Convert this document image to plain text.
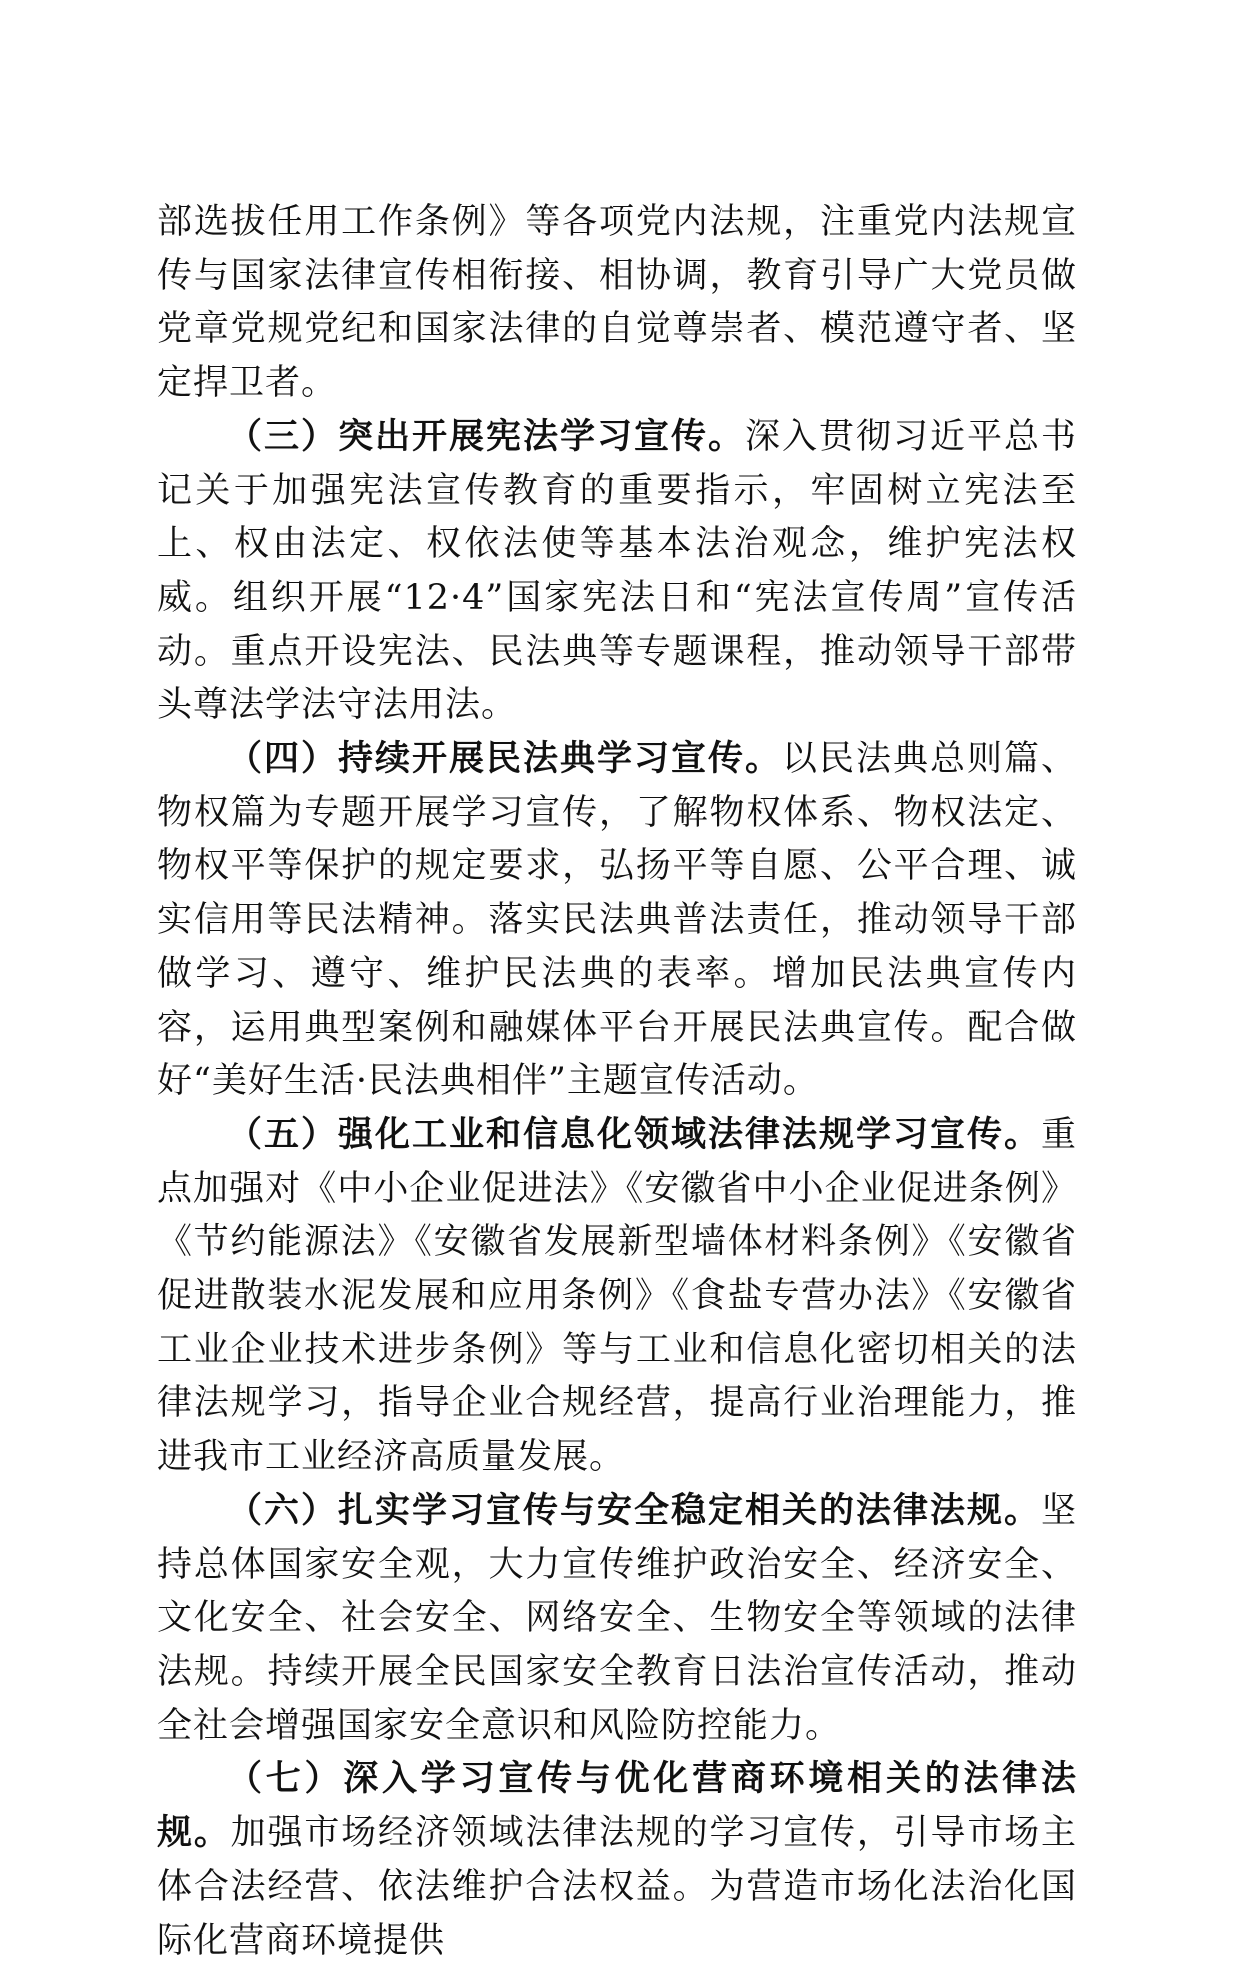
部选拔任用工作条例》等各项党内法规，注重党内法规宣传与国家法律宣传相衔接、相协调，教育引导广大党员做党章党规党纪和国家法律的自觉尊崇者、模范遵守者、坚定捍卫者。

（三）突出开展宪法学习宣传。深入贯彻习近平总书记关于加强宪法宣传教育的重要指示，牢固树立宪法至上、权由法定、权依法使等基本法治观念，维护宪法权威。组织开展“12·4”国家宪法日和“宪法宣传周”宣传活动。重点开设宪法、民法典等专题课程，推动领导干部带头尊法学法守法用法。

（四）持续开展民法典学习宣传。以民法典总则篇、物权篇为专题开展学习宣传，了解物权体系、物权法定、物权平等保护的规定要求，弘扬平等自愿、公平合理、诚实信用等民法精神。落实民法典普法责任，推动领导干部做学习、遵守、维护民法典的表率。增加民法典宣传内容，运用典型案例和融媒体平台开展民法典宣传。配合做好“美好生活·民法典相伴”主题宣传活动。

（五）强化工业和信息化领域法律法规学习宣传。重点加强对《中小企业促进法》《安徽省中小企业促进条例》《节约能源法》《安徽省发展新型墙体材料条例》《安徽省促进散装水泥发展和应用条例》《食盐专营办法》《安徽省工业企业技术进步条例》等与工业和信息化密切相关的法律法规学习，指导企业合规经营，提高行业治理能力，推进我市工业经济高质量发展。

（六）扎实学习宣传与安全稳定相关的法律法规。坚持总体国家安全观，大力宣传维护政治安全、经济安全、文化安全、社会安全、网络安全、生物安全等领域的法律法规。持续开展全民国家安全教育日法治宣传活动，推动全社会增强国家安全意识和风险防控能力。

（七）深入学习宣传与优化营商环境相关的法律法规。加强市场经济领域法律法规的学习宣传，引导市场主体合法经营、依法维护合法权益。为营造市场化法治化国际化营商环境提供
